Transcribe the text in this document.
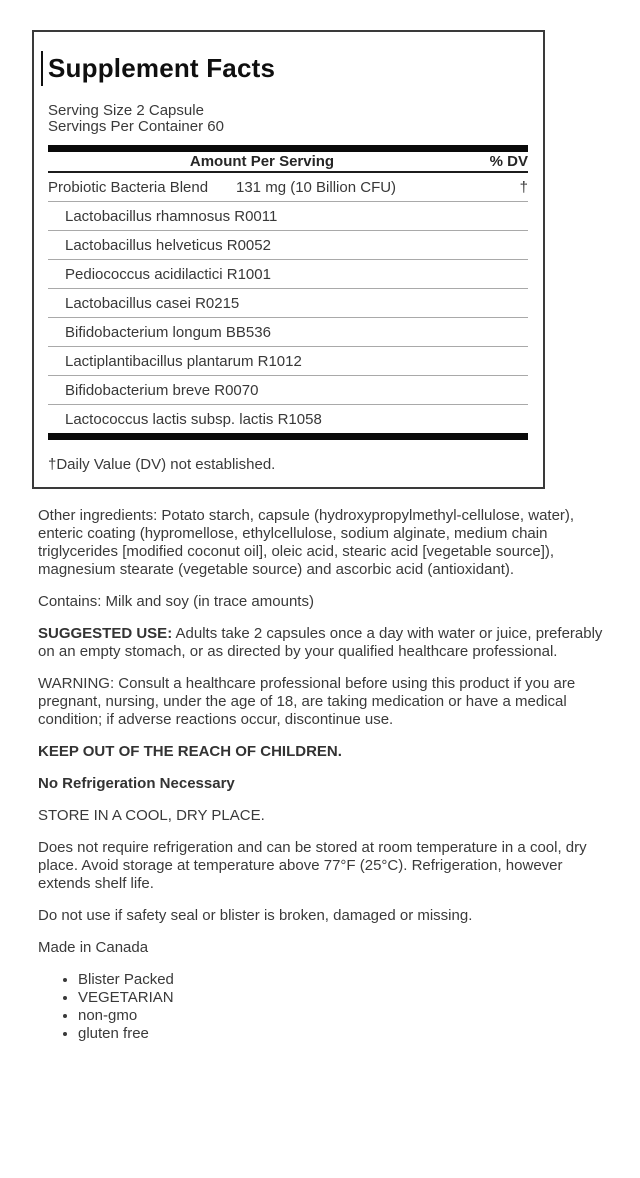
Supplement Facts
Serving Size 2 Capsule
Servings Per Container 60
Amount Per Serving	% DV
Probiotic Bacteria Blend	131 mg (10 Billion CFU)	†
Lactobacillus rhamnosus R0011
Lactobacillus helveticus R0052
Pediococcus acidilactici R1001
Lactobacillus casei R0215
Bifidobacterium longum BB536
Lactiplantibacillus plantarum R1012
Bifidobacterium breve R0070
Lactococcus lactis subsp. lactis R1058
†Daily Value (DV) not established.

Other ingredients: Potato starch, capsule (hydroxypropylmethyl-cellulose, water), enteric coating (hypromellose, ethylcellulose, sodium alginate, medium chain triglycerides [modified coconut oil], oleic acid, stearic acid [vegetable source]), magnesium stearate (vegetable source) and ascorbic acid (antioxidant).

Contains: Milk and soy (in trace amounts)

SUGGESTED USE: Adults take 2 capsules once a day with water or juice, preferably on an empty stomach, or as directed by your qualified healthcare professional.

WARNING: Consult a healthcare professional before using this product if you are pregnant, nursing, under the age of 18, are taking medication or have a medical condition; if adverse reactions occur, discontinue use.

KEEP OUT OF THE REACH OF CHILDREN.

No Refrigeration Necessary

STORE IN A COOL, DRY PLACE.

Does not require refrigeration and can be stored at room temperature in a cool, dry place. Avoid storage at temperature above 77°F (25°C). Refrigeration, however extends shelf life.

Do not use if safety seal or blister is broken, damaged or missing.

Made in Canada

• Blister Packed
• VEGETARIAN
• non-gmo
• gluten free
